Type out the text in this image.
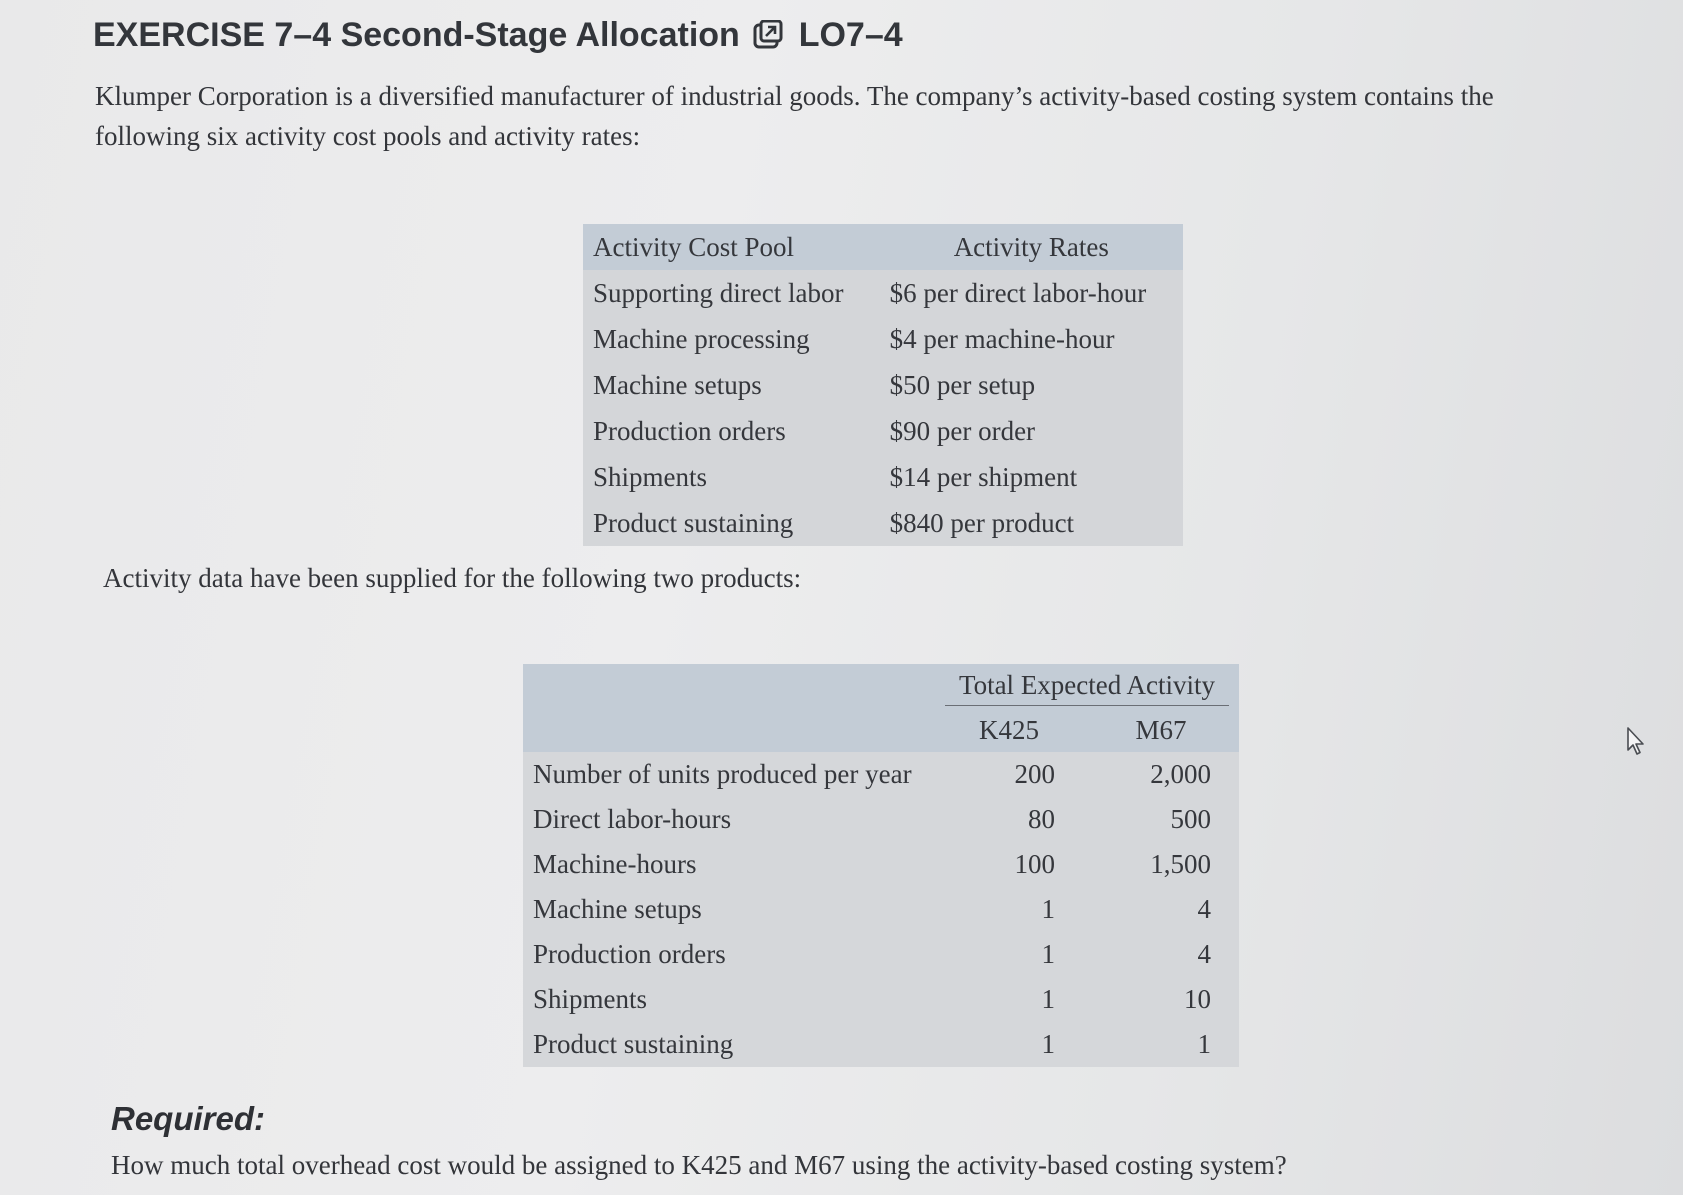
EXERCISE 7–4 Second-Stage Allocation LO7–4
Klumper Corporation is a diversified manufacturer of industrial goods. The company’s activity-based costing system contains the following six activity cost pools and activity rates:
Activity Cost Pool	Activity Rates
Supporting direct labor	$6 per direct labor-hour
Machine processing	$4 per machine-hour
Machine setups	$50 per setup
Production orders	$90 per order
Shipments	$14 per shipment
Product sustaining	$840 per product
Activity data have been supplied for the following two products:

	Total Expected Activity	

	K425	M67
Number of units produced per year	200	2,000
Direct labor-hours	80	500
Machine-hours	100	1,500
Machine setups	1	4
Production orders	1	4
Shipments	1	10
Product sustaining	1	1
Required:
How much total overhead cost would be assigned to K425 and M67 using the activity-based costing system?
